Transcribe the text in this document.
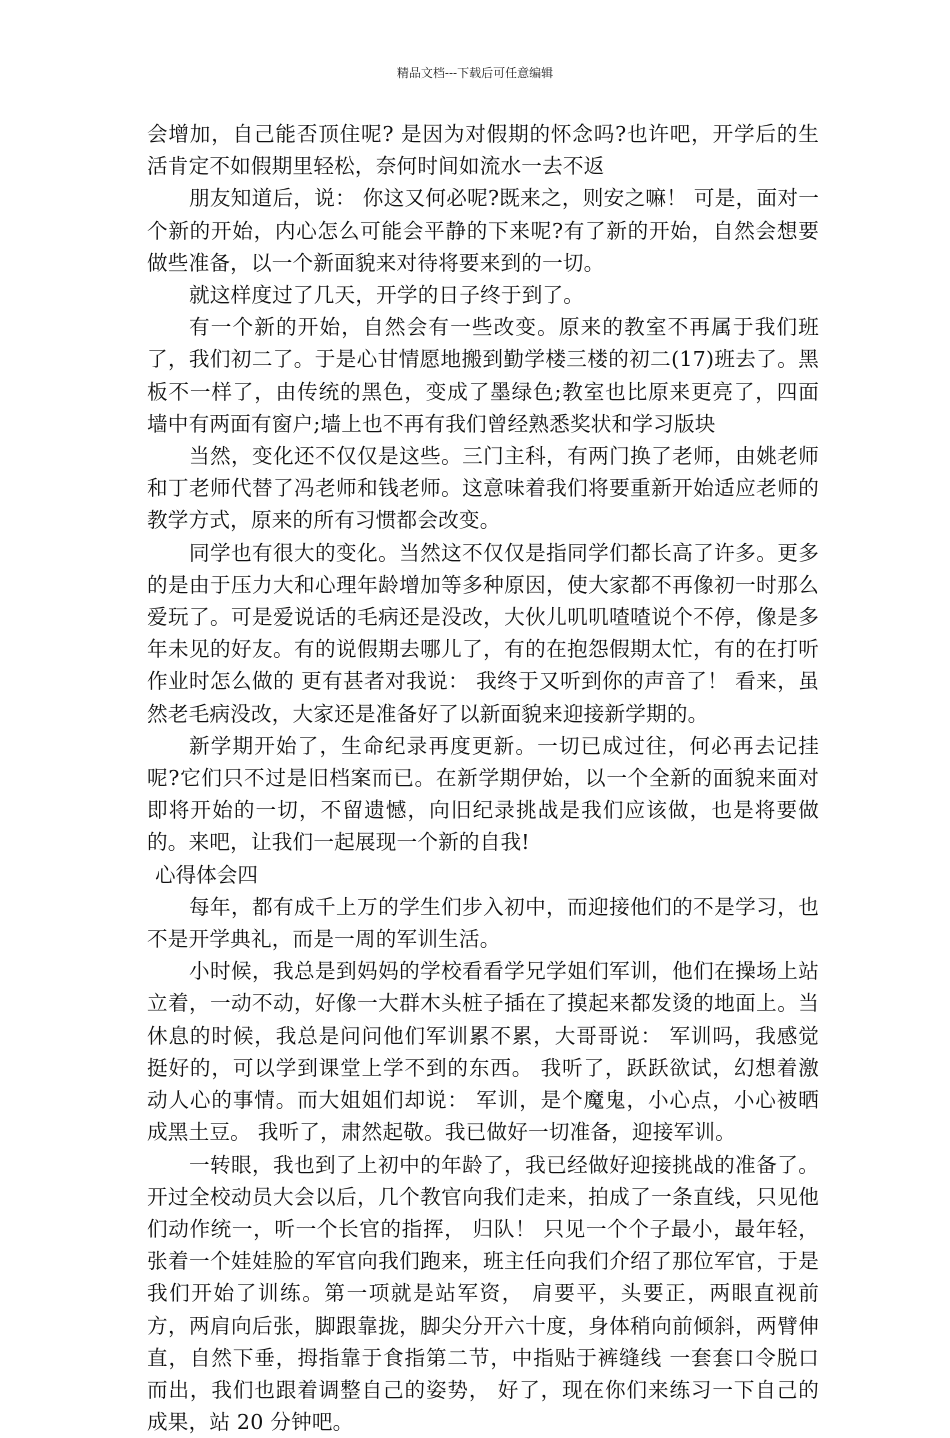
精品文档---下载后可任意编辑

会增加，自己能否顶住呢? 是因为对假期的怀念吗?也许吧，开学后的生活肯定不如假期里轻松，奈何时间如流水一去不返

朋友知道后，说： 你这又何必呢?既来之，则安之嘛！ 可是，面对一个新的开始，内心怎么可能会平静的下来呢?有了新的开始，自然会想要做些准备，以一个新面貌来对待将要来到的一切。

就这样度过了几天，开学的日子终于到了。

有一个新的开始，自然会有一些改变。原来的教室不再属于我们班了，我们初二了。于是心甘情愿地搬到勤学楼三楼的初二(17)班去了。黑板不一样了，由传统的黑色，变成了墨绿色;教室也比原来更亮了，四面墙中有两面有窗户;墙上也不再有我们曾经熟悉奖状和学习版块

当然，变化还不仅仅是这些。三门主科，有两门换了老师，由姚老师和丁老师代替了冯老师和钱老师。这意味着我们将要重新开始适应老师的教学方式，原来的所有习惯都会改变。

同学也有很大的变化。当然这不仅仅是指同学们都长高了许多。更多的是由于压力大和心理年龄增加等多种原因，使大家都不再像初一时那么爱玩了。可是爱说话的毛病还是没改，大伙儿叽叽喳喳说个不停，像是多年未见的好友。有的说假期去哪儿了，有的在抱怨假期太忙，有的在打听作业时怎么做的 更有甚者对我说： 我终于又听到你的声音了！ 看来，虽然老毛病没改，大家还是准备好了以新面貌来迎接新学期的。

新学期开始了，生命纪录再度更新。一切已成过往，何必再去记挂呢?它们只不过是旧档案而已。在新学期伊始，以一个全新的面貌来面对即将开始的一切，不留遗憾，向旧纪录挑战是我们应该做，也是将要做的。来吧，让我们一起展现一个新的自我!

心得体会四

每年，都有成千上万的学生们步入初中，而迎接他们的不是学习，也不是开学典礼，而是一周的军训生活。

小时候，我总是到妈妈的学校看看学兄学姐们军训，他们在操场上站立着，一动不动，好像一大群木头桩子插在了摸起来都发烫的地面上。当休息的时候，我总是问问他们军训累不累，大哥哥说： 军训吗，我感觉挺好的，可以学到课堂上学不到的东西。 我听了，跃跃欲试，幻想着激动人心的事情。而大姐姐们却说： 军训，是个魔鬼，小心点，小心被晒成黑土豆。 我听了，肃然起敬。我已做好一切准备，迎接军训。

一转眼，我也到了上初中的年龄了，我已经做好迎接挑战的准备了。开过全校动员大会以后，几个教官向我们走来，拍成了一条直线，只见他们动作统一，听一个长官的指挥， 归队！ 只见一个个子最小，最年轻，张着一个娃娃脸的军官向我们跑来，班主任向我们介绍了那位军官，于是我们开始了训练。第一项就是站军资， 肩要平，头要正，两眼直视前方，两肩向后张，脚跟靠拢，脚尖分开六十度，身体稍向前倾斜，两臂伸直，自然下垂，拇指靠于食指第二节，中指贴于裤缝线 一套套口令脱口而出，我们也跟着调整自己的姿势， 好了，现在你们来练习一下自己的成果，站 20 分钟吧。
